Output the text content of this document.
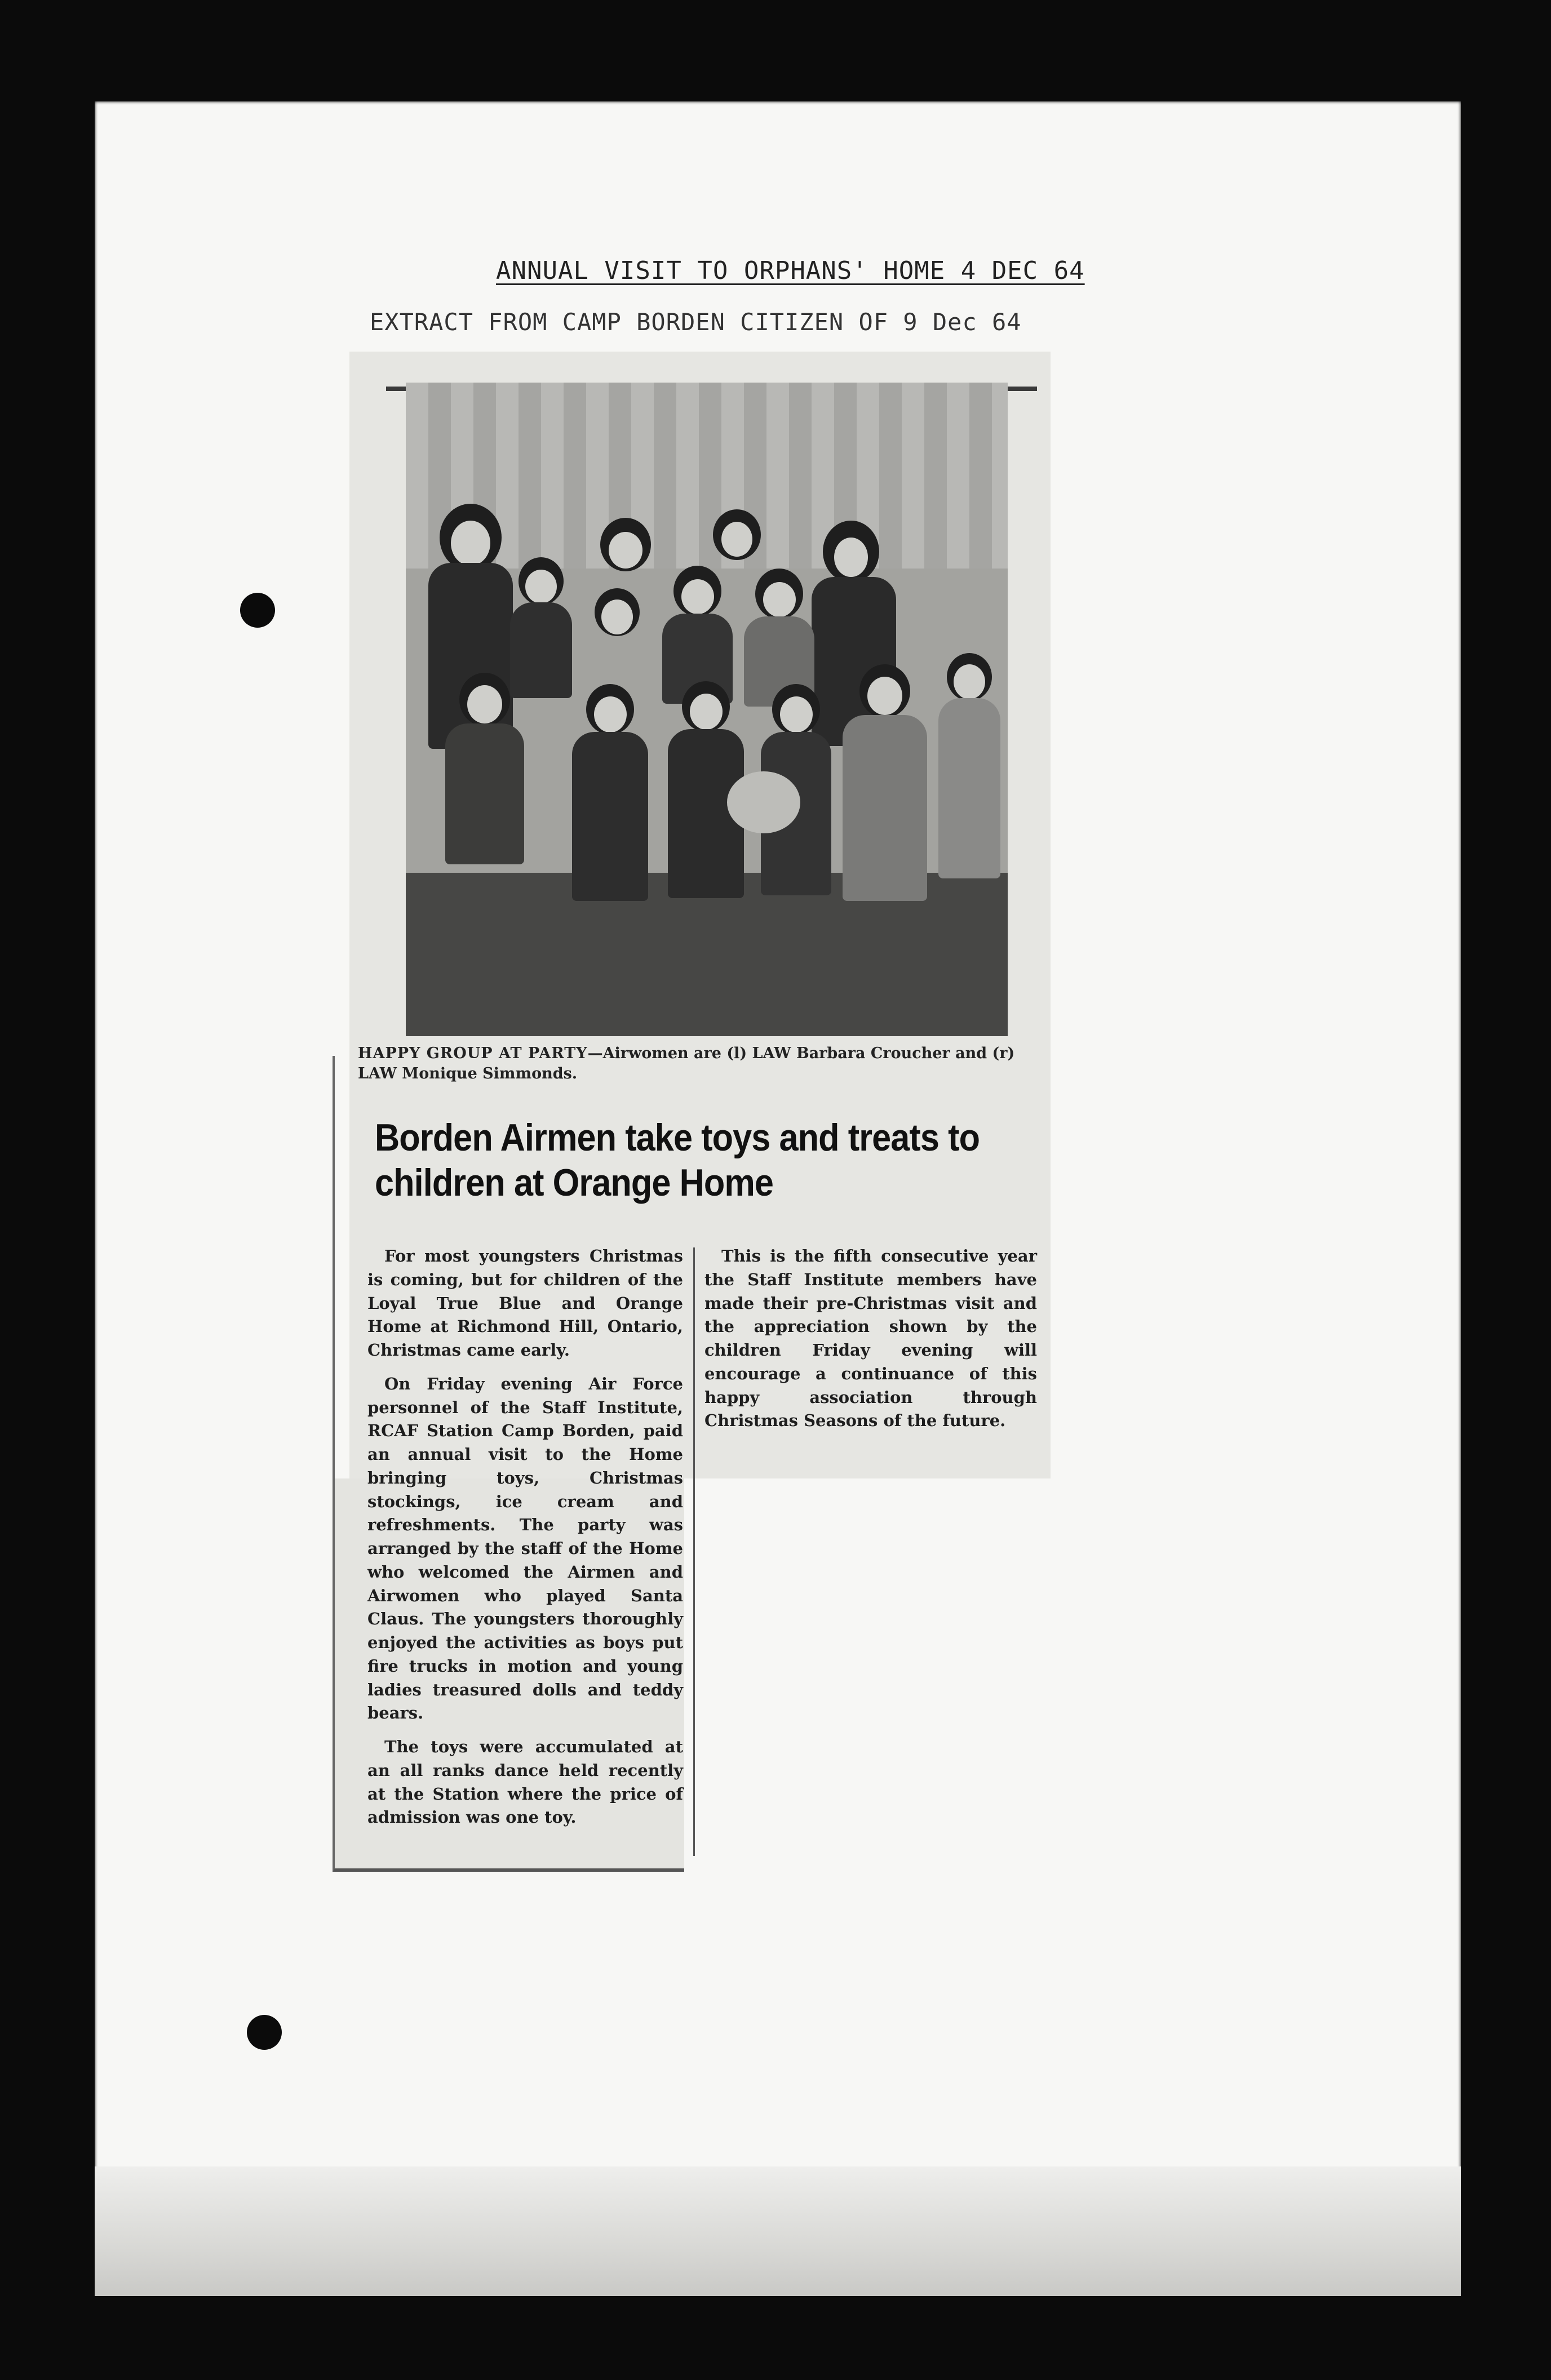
ANNUAL VISIT TO ORPHANS' HOME 4 DEC 64
EXTRACT FROM CAMP BORDEN CITIZEN OF 9 Dec 64
HAPPY GROUP AT PARTY—Airwomen are (l) LAW Barbara Croucher and (r) LAW Monique Simmonds.
Borden Airmen take toys and treats to children at Orange Home

For most youngsters Christmas is coming, but for children of the Loyal True Blue and Orange Home at Richmond Hill, Ontario, Christmas came early.

On Friday evening Air Force personnel of the Staff Institute, RCAF Station Camp Borden, paid an annual visit to the Home bringing toys, Christmas stockings, ice cream and refreshments. The party was arranged by the staff of the Home who welcomed the Airmen and Airwomen who played Santa Claus. The youngsters thoroughly enjoyed the activities as boys put fire trucks in motion and young ladies treasured dolls and teddy bears.

The toys were accumulated at an all ranks dance held recently at the Station where the price of admission was one toy.

This is the fifth consecutive year the Staff Institute members have made their pre-Christmas visit and the appreciation shown by the children Friday evening will encourage a continuance of this happy association through Christmas Seasons of the future.
